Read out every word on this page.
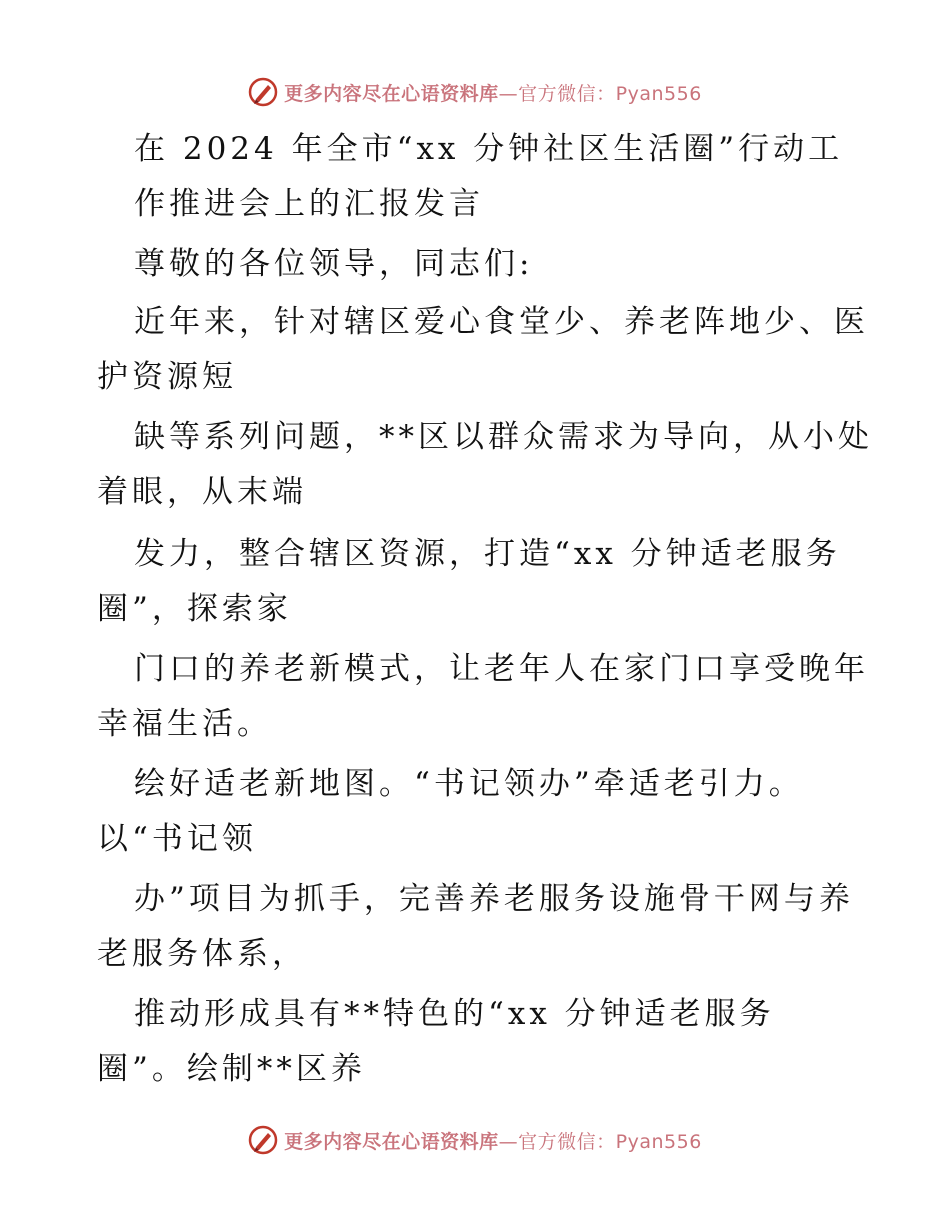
更多内容尽在心语资料库—官方微信：Pyan556
在 2024 年全市“xx 分钟社区生活圈”行动工
作推进会上的汇报发言
尊敬的各位领导，同志们:
近年来，针对辖区爱心食堂少、养老阵地少、医
护资源短
缺等系列问题，**区以群众需求为导向，从小处
着眼，从末端
发力，整合辖区资源，打造“xx 分钟适老服务
圈”，探索家
门口的养老新模式，让老年人在家门口享受晚年
幸福生活。
绘好适老新地图。“书记领办”牵适老引力。
以“书记领
办”项目为抓手，完善养老服务设施骨干网与养
老服务体系，
推动形成具有**特色的“xx 分钟适老服务
圈”。绘制**区养
更多内容尽在心语资料库—官方微信：Pyan556
